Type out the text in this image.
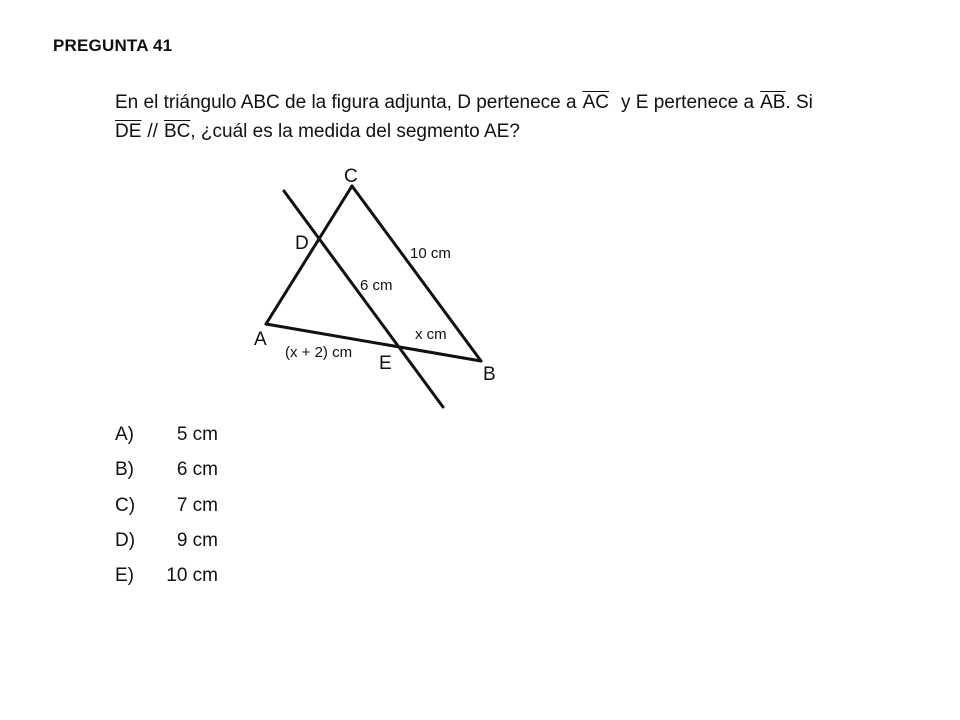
PREGUNTA 41
En el triángulo ABC de la figura adjunta, D pertenece a $\overline{AC}$ y E pertenece a $\overline{AB}$. Si
$\overline{DE} // \overline{BC}$, ¿cuál es la medida del segmento AE?
C
D
A
E
B
10 cm
6 cm
x cm
(x + 2) cm
A) 5 cm
B) 6 cm
C) 7 cm
D) 9 cm
E) 10 cm
